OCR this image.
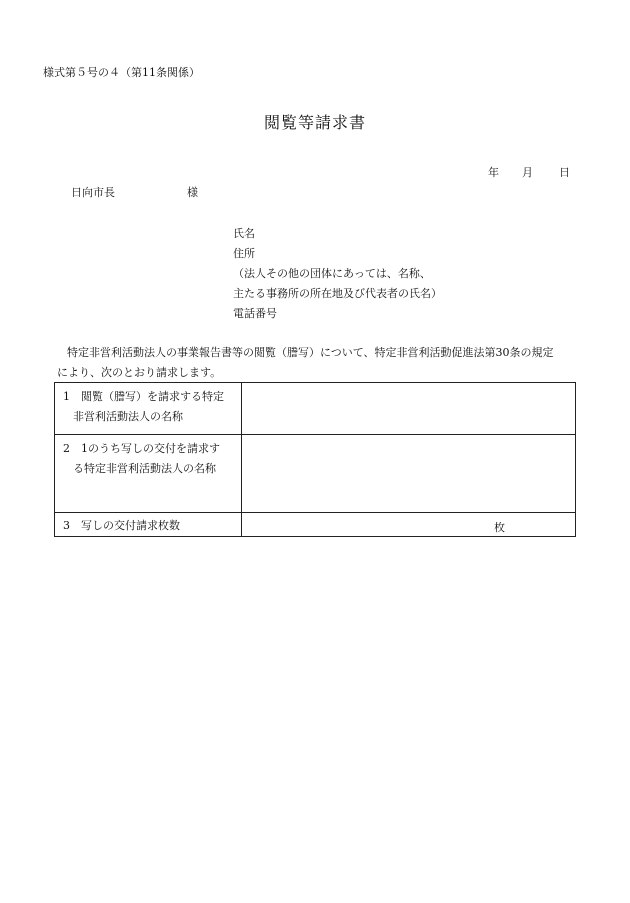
様式第５号の４（第11条関係）
閲覧等請求書
年 月 日
日向市長	様
氏名
住所
（法人その他の団体にあっては、名称、
主たる事務所の所在地及び代表者の氏名）
電話番号
特定非営利活動法人の事業報告書等の閲覧（謄写）について、特定非営利活動促進法第30条の規定
により、次のとおり請求します。
1　閲覧（謄写）を請求する特定
非営利活動法人の名称	

2　1のうち写しの交付を請求す
る特定非営利活動法人の名称	

3　写しの交付請求枚数	枚
